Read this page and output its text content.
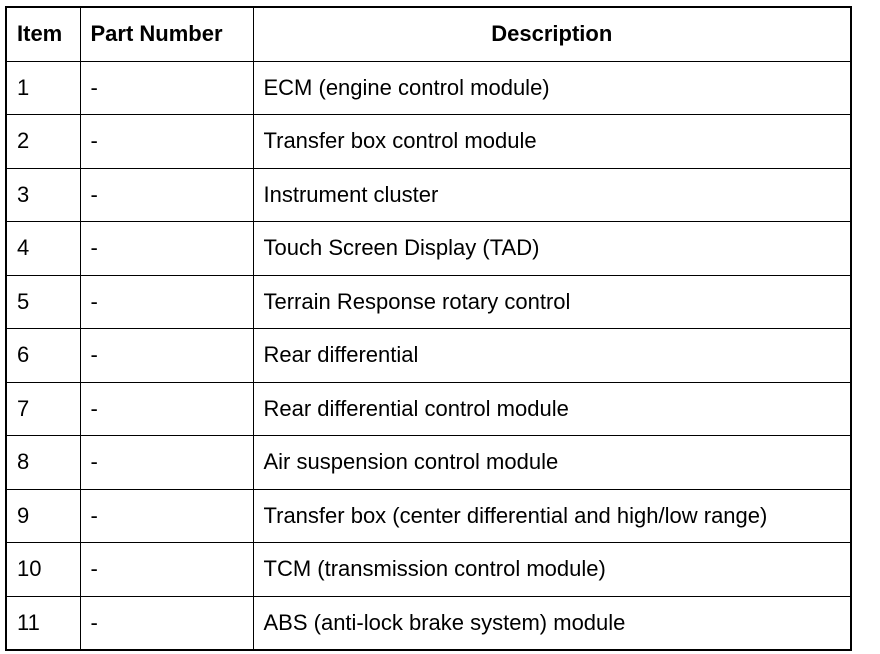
Item	Part Number	Description
1	-	ECM (engine control module)
2	-	Transfer box control module
3	-	Instrument cluster
4	-	Touch Screen Display (TAD)
5	-	Terrain Response rotary control
6	-	Rear differential
7	-	Rear differential control module
8	-	Air suspension control module
9	-	Transfer box (center differential and high/low range)
10	-	TCM (transmission control module)
11	-	ABS (anti-lock brake system) module
